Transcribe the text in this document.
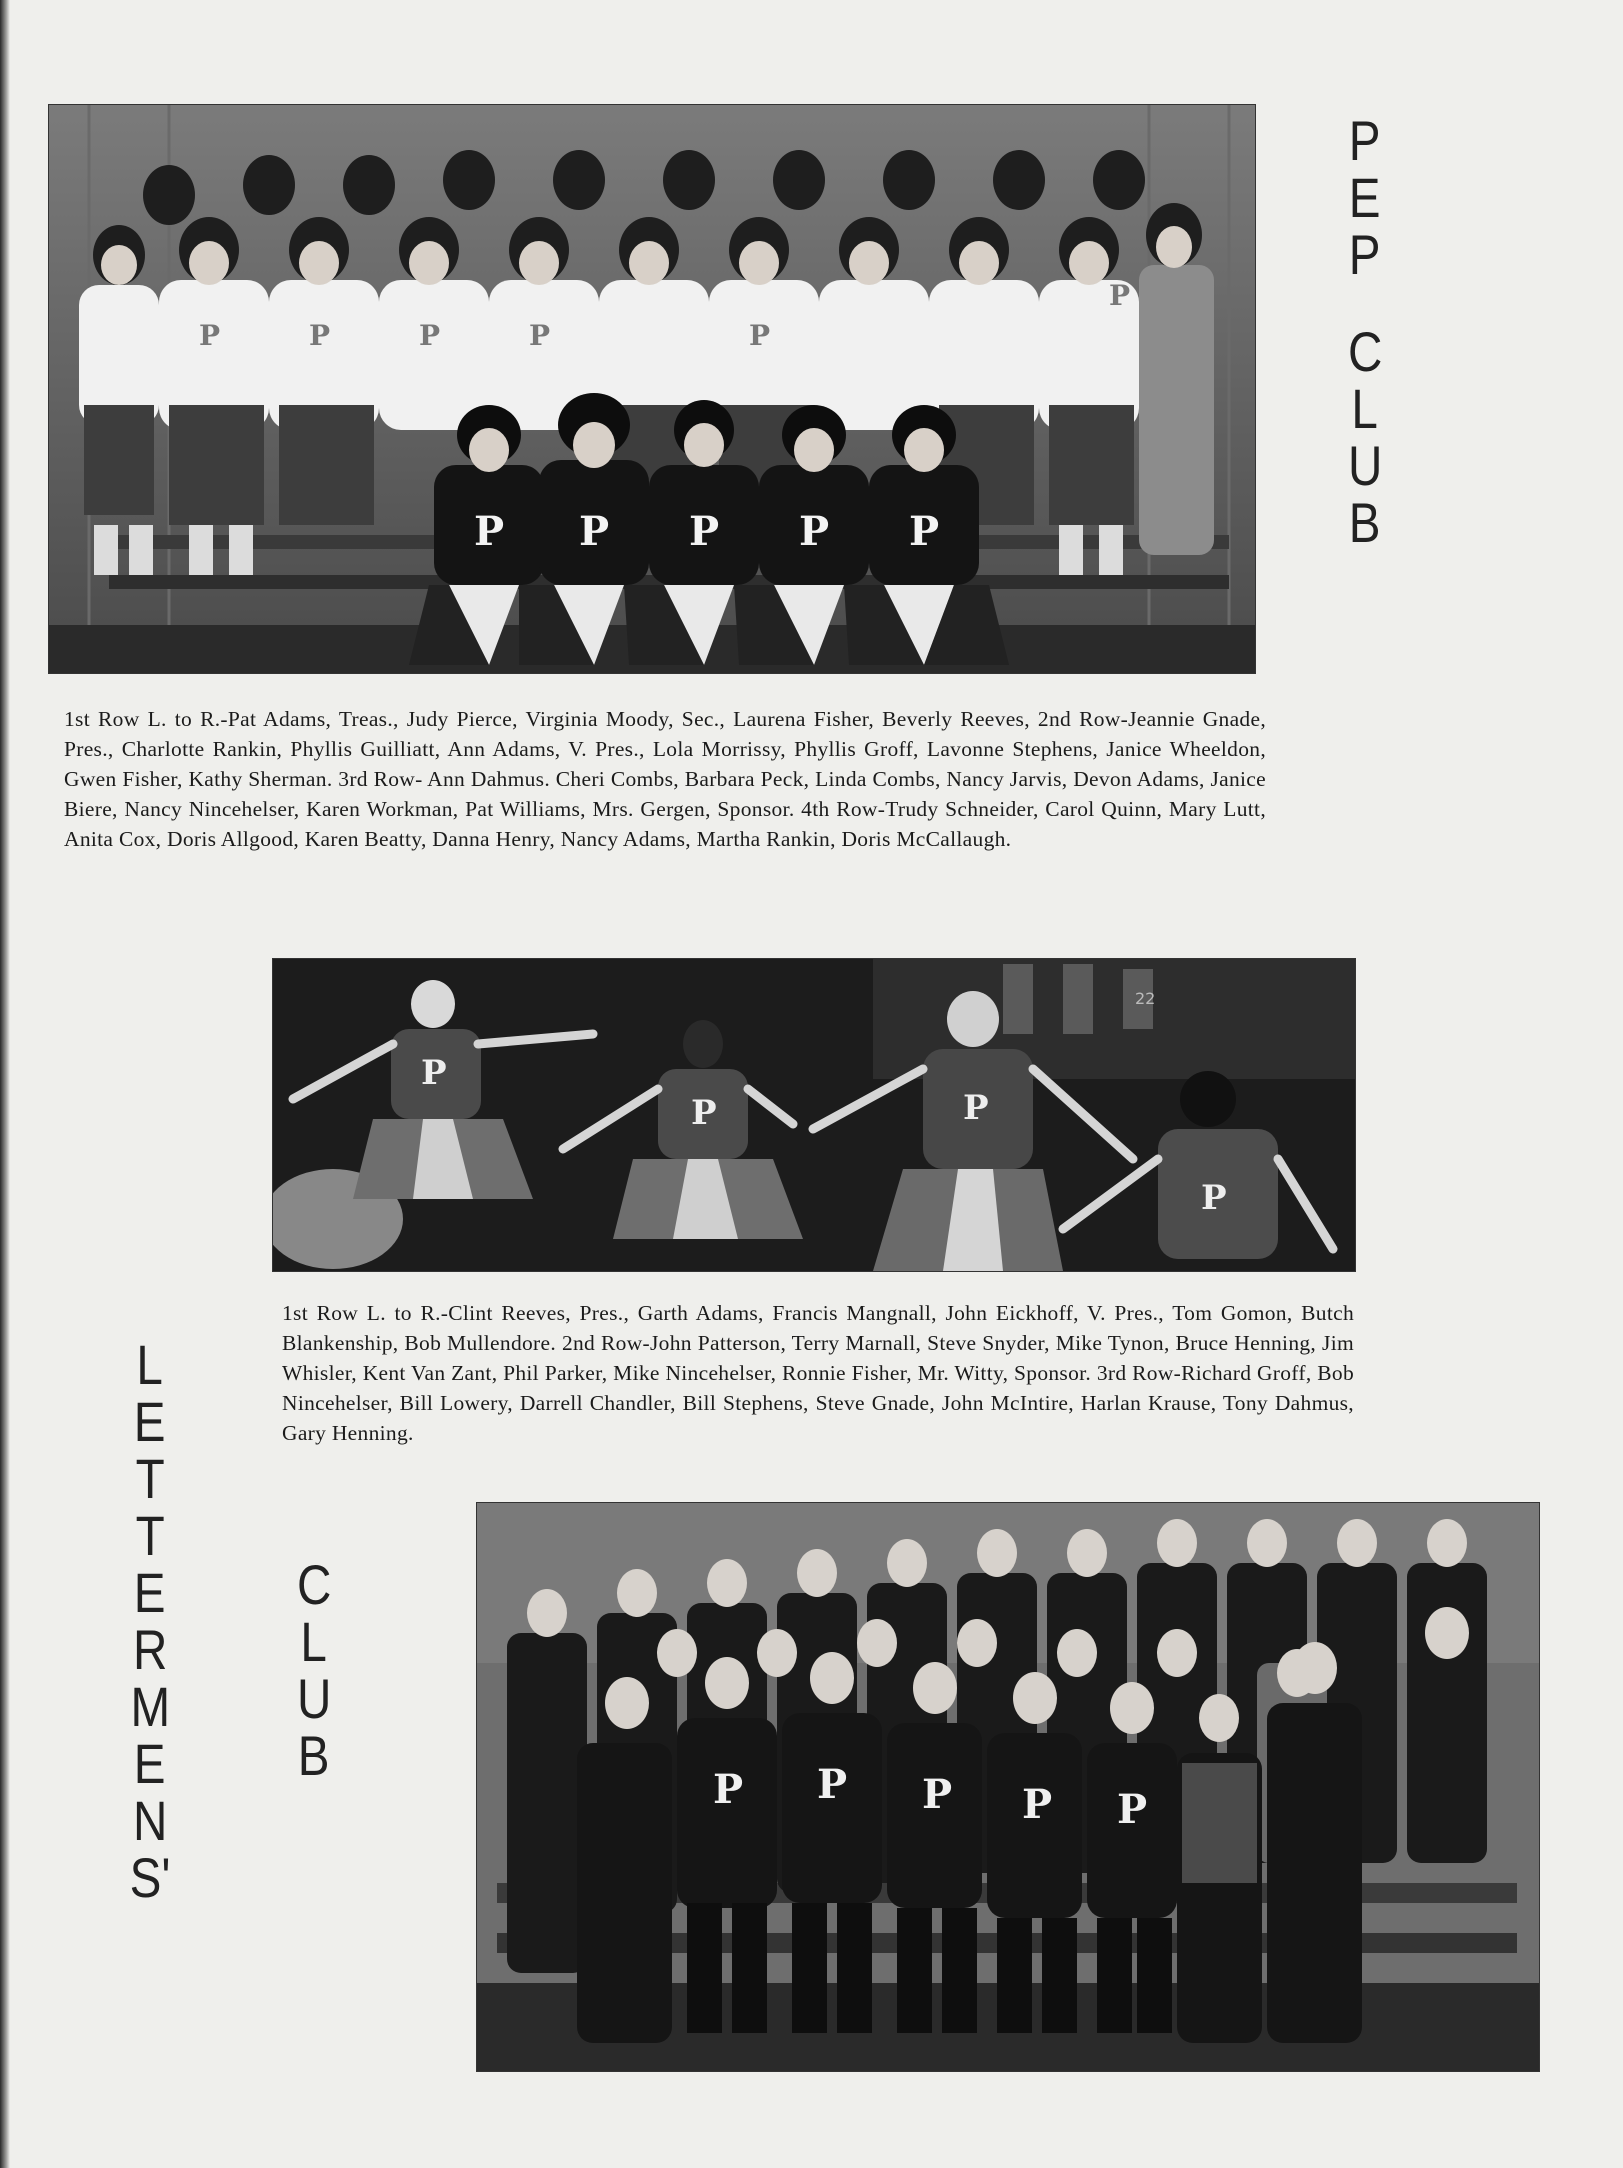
P	P	P	P	P
P
P P P P P
P
E
P
C
L
U
B
1st Row L. to R.-Pat Adams, Treas., Judy Pierce, Virginia Moody, Sec., Laurena Fisher, Beverly Reeves, 2nd Row-Jeannie Gnade, Pres., Charlotte Rankin, Phyllis Guilliatt, Ann Adams, V. Pres., Lola Morrissy, Phyllis Groff, Lavonne Stephens, Janice Wheeldon, Gwen Fisher, Kathy Sherman. 3rd Row- Ann Dahmus. Cheri Combs, Barbara Peck, Linda Combs, Nancy Jarvis, Devon Adams, Janice Biere, Nancy Nincehelser, Karen Workman, Pat Williams, Mrs. Gergen, Sponsor. 4th Row-Trudy Schneider, Carol Quinn, Mary Lutt, Anita Cox, Doris Allgood, Karen Beatty, Danna Henry, Nancy Adams, Martha Rankin, Doris McCallaugh.
22
P
P	P
P
1st Row L. to R.-Clint Reeves, Pres., Garth Adams, Francis Mangnall, John Eickhoff, V. Pres., Tom Gomon, Butch Blankenship, Bob Mullendore. 2nd Row-John Patterson, Terry Marnall, Steve Snyder, Mike Tynon, Bruce Henning, Jim Whisler, Kent Van Zant, Phil Parker, Mike Nincehelser, Ronnie Fisher, Mr. Witty, Sponsor. 3rd Row-Richard Groff, Bob Nincehelser, Bill Lowery, Darrell Chandler, Bill Stephens, Steve Gnade, John McIntire, Harlan Krause, Tony Dahmus, Gary Henning.
L
E
T
T
E
R
M
E
N
S'
C
L
U
B
P P P P P
